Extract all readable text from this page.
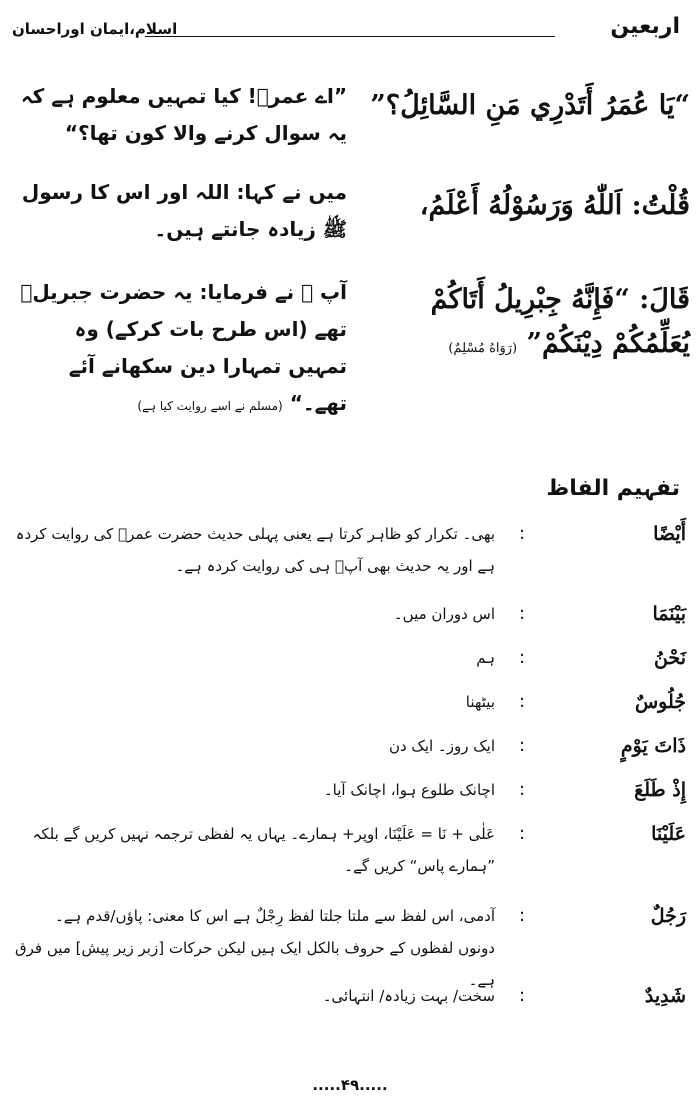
اربعین
اسلام،ایمان اوراحسان
“يَا عُمَرُ أَتَدْرِي مَنِ السَّائِلُ؟”
”اے عمرؓ! کیا تمہیں معلوم ہے کہ یہ سوال کرنے والا کون تھا؟“
قُلْتُ: اَللّٰهُ وَرَسُوْلُهُ أَعْلَمُ،
میں نے کہا: اللہ اور اس کا رسول ﷺ زیادہ جانتے ہیں۔
قَالَ: “فَإِنَّهُ جِبْرِيلُ أَتَاكُمْ
يُعَلِّمُكُمْ دِيْنَكُمْ” (رَوَاهُ مُسْلِمٌ)
آپ ﷺ نے فرمایا: یہ حضرت جبریلؑ تھے (اس طرح بات کرکے) وہ تمہیں تمہارا دین سکھانے آئے تھے۔“ (مسلم نے اسے روایت کیا ہے)
تفہیم الفاظ
أَيْضًا
:
بھی۔ تکرار کو ظاہر کرتا ہے یعنی پہلی حدیث حضرت عمرؓ کی روایت کردہ ہے اور یہ حدیث بھی آپؓ ہی کی روایت کردہ ہے۔
بَيْنَمَا
:
اس دوران میں۔
نَحْنُ
:
ہم
جُلُوسٌ
:
بیٹھنا
ذَاتَ يَوْمٍ
:
ایک روز۔ ایک دن
إِذْ طَلَعَ
:
اچانک طلوع ہوا، اچانک آیا۔
عَلَيْنَا
:
عَلٰى + نَا = عَلَيْنَا، اوپر+ ہمارے۔ یہاں یہ لفظی ترجمہ نہیں کریں گے بلکہ ”ہمارے پاس“ کریں گے۔
رَجُلٌ
:
آدمی، اس لفظ سے ملتا جلتا لفظ رِجْلٌ ہے اس کا معنی: پاؤں/قدم ہے۔ دونوں لفظوں کے حروف بالکل ایک ہیں لیکن حرکات [زبر زیر پیش] میں فرق ہے۔
شَدِيدٌ
:
سخت/ بہت زیادہ/ انتہائی۔
.....۴۹.....
